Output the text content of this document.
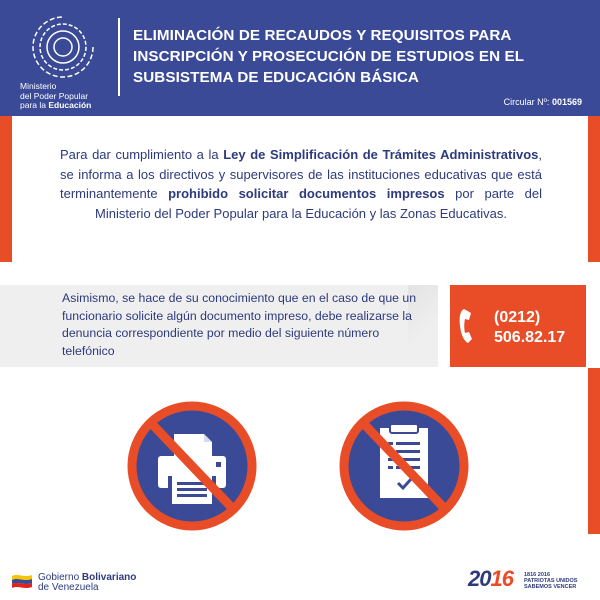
Ministerio
del Poder Popular
para la Educación
ELIMINACIÓN DE RECAUDOS Y REQUISITOS PARA
INSCRIPCIÓN Y PROSECUCIÓN DE ESTUDIOS EN EL
SUBSISTEMA DE EDUCACIÓN BÁSICA
Circular Nº: 001569

Para dar cumplimiento a la Ley de Simplificación de Trámites Administrativos, se informa a los directivos y supervisores de las instituciones educativas que está terminantemente prohibido solicitar documentos impresos por parte del Ministerio del Poder Popular para la Educación y las Zonas Educativas.

Asimismo, se hace de su conocimiento que en el caso de que un funcionario solicite algún documento impreso, debe realizarse la denuncia correspondiente por medio del siguiente número telefónico

(0212)
506.82.17
Gobierno Bolivariano
de Venezuela	2016 1816 2016
PATRIOTAS UNIDOS
SABEMOS VENCER
